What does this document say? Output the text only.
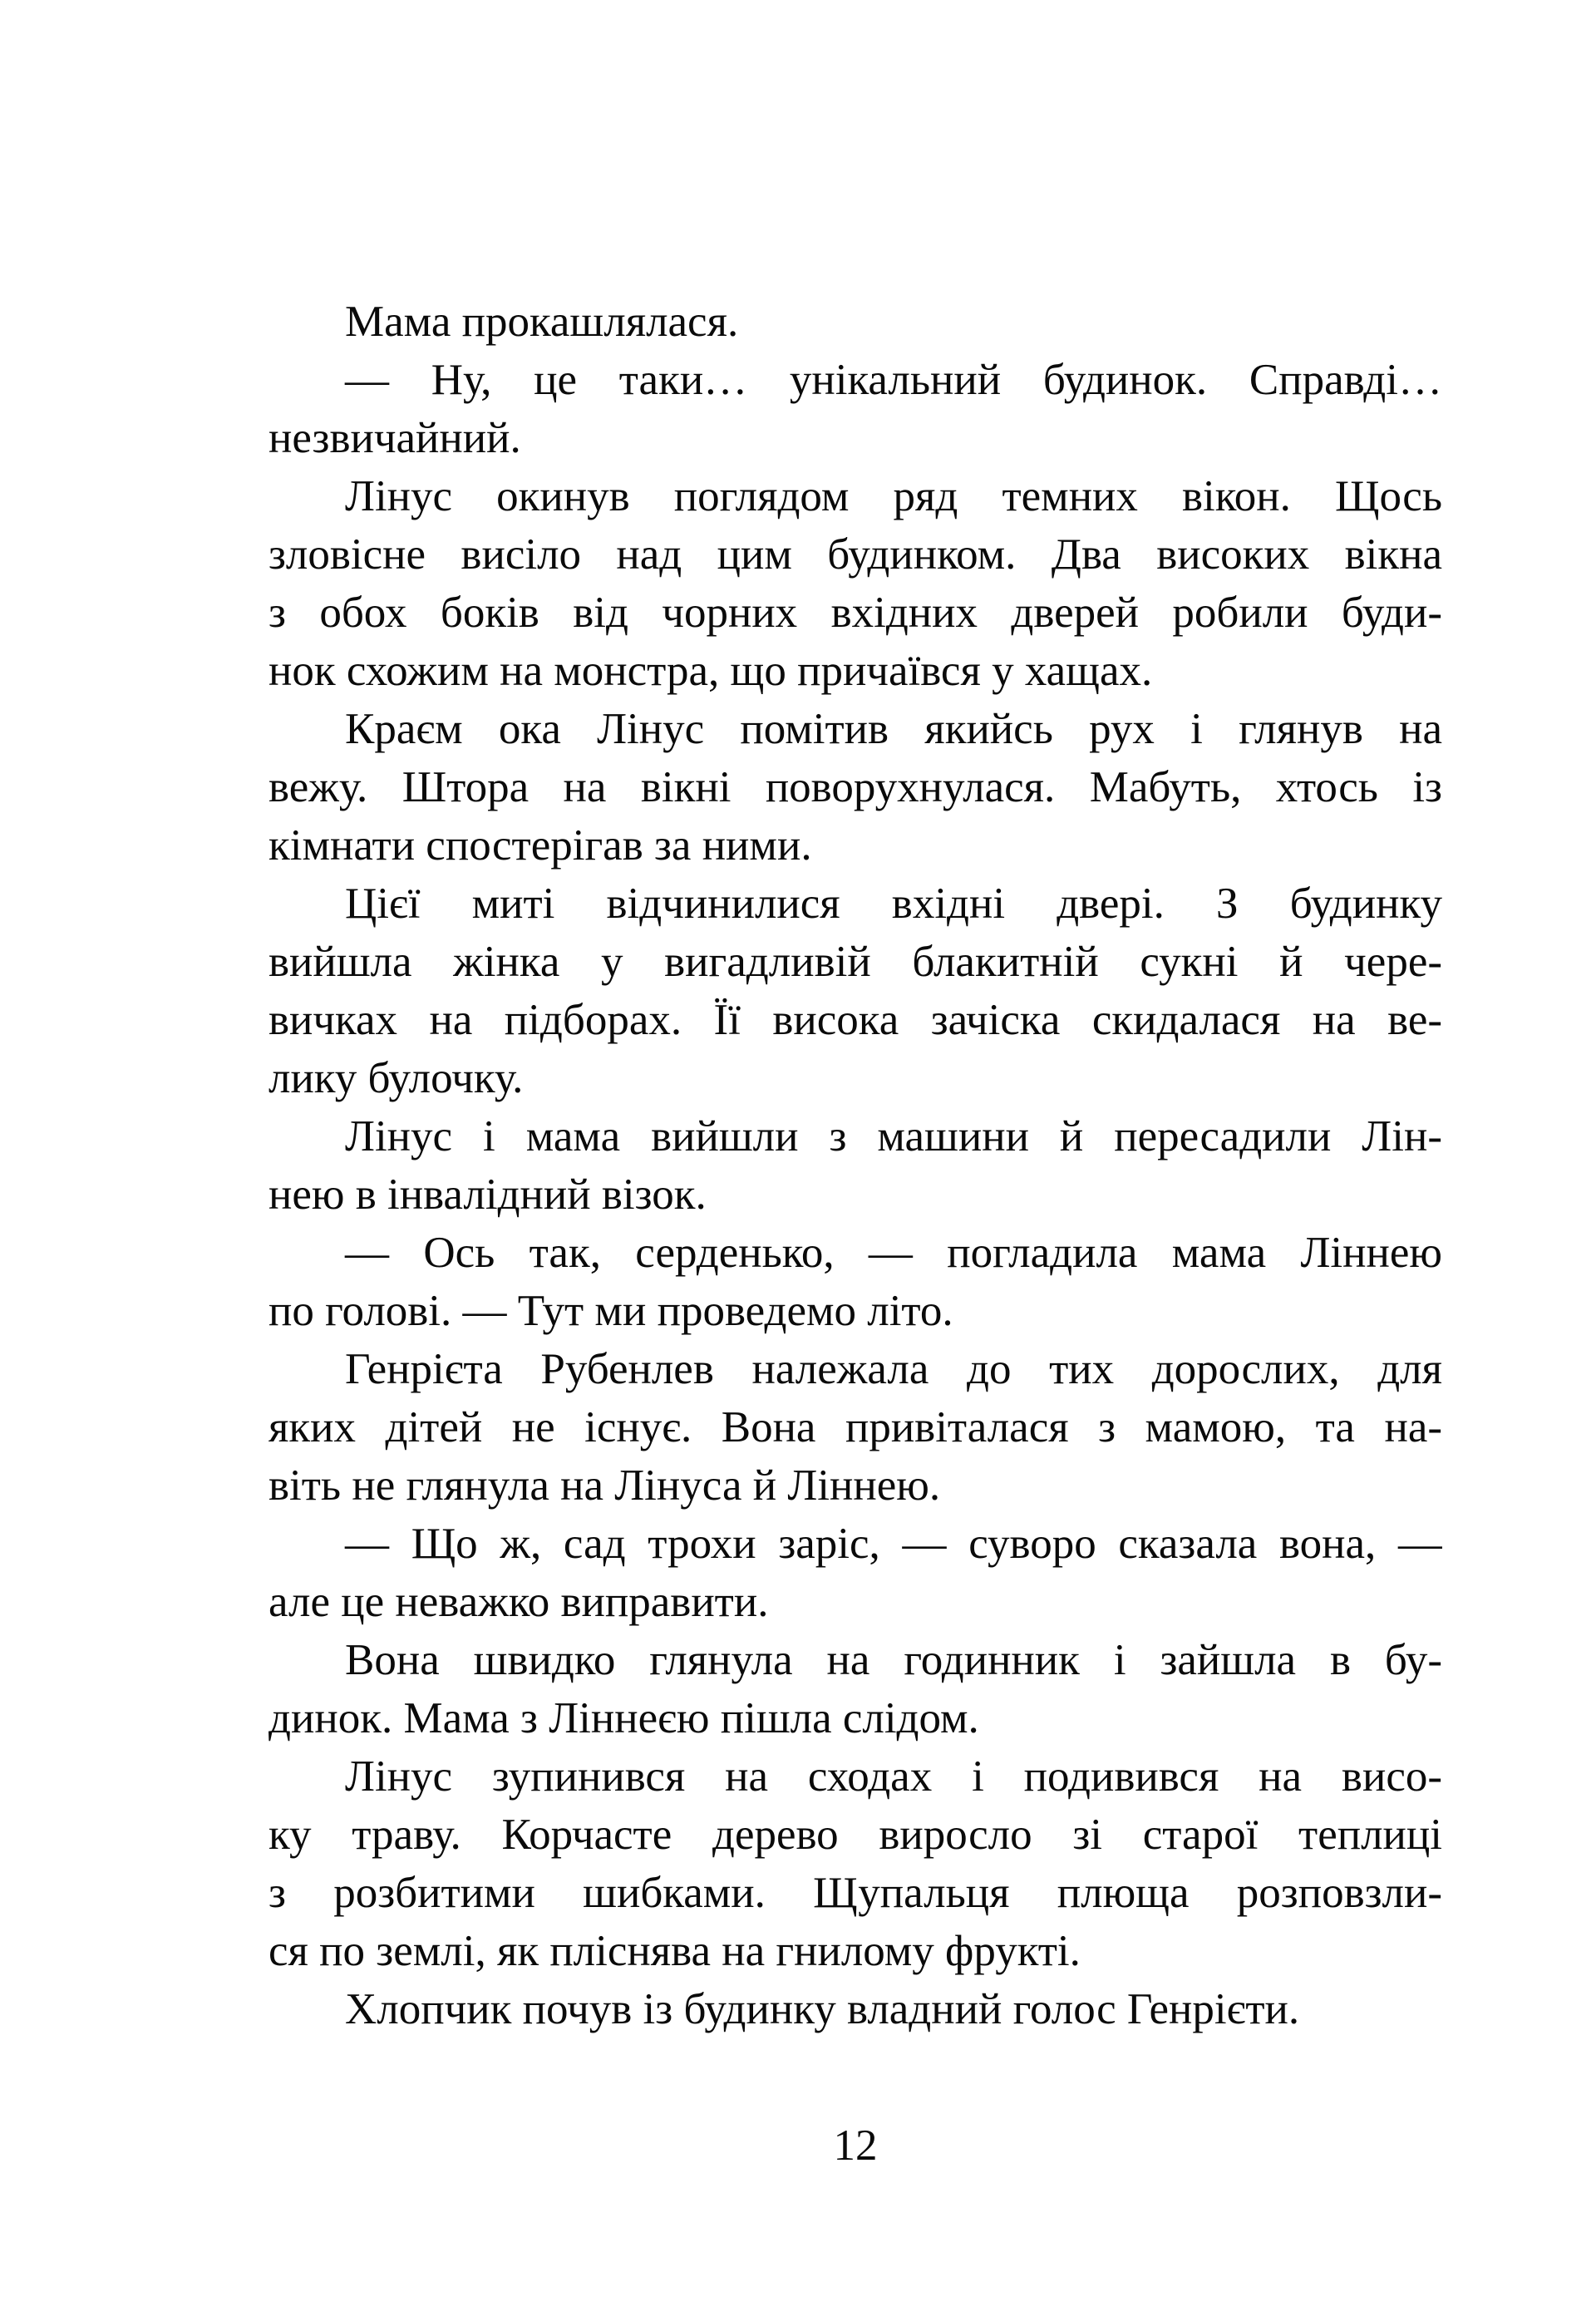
Мама прокашлялася.
— Ну, це таки… унікальний будинок. Справді…
незвичайний.
Лінус окинув поглядом ряд темних вікон. Щось
зловісне висіло над цим будинком. Два високих вікна
з обох боків від чорних вхідних дверей робили буди-
нок схожим на монстра, що причаївся у хащах.
Краєм ока Лінус помітив якийсь рух і глянув на
вежу. Штора на вікні поворухнулася. Мабуть, хтось із
кімнати спостерігав за ними.
Цієї миті відчинилися вхідні двері. З будинку
вийшла жінка у вигадливій блакитній сукні й чере-
вичках на підборах. Її висока зачіска скидалася на ве-
лику булочку.
Лінус і мама вийшли з машини й пересадили Лін-
нею в інвалідний візок.
— Ось так, серденько, — погладила мама Ліннею
по голові. — Тут ми проведемо літо.
Генрієта Рубенлев належала до тих дорослих, для
яких дітей не існує. Вона привіталася з мамою, та на-
віть не глянула на Лінуса й Ліннею.
— Що ж, сад трохи заріс, — суворо сказала вона, —
але це неважко виправити.
Вона швидко глянула на годинник і зайшла в бу-
динок. Мама з Ліннеєю пішла слідом.
Лінус зупинився на сходах і подивився на висо-
ку траву. Корчасте дерево виросло зі старої теплиці
з розбитими шибками. Щупальця плюща розповзли-
ся по землі, як пліснява на гнилому фрукті.
Хлопчик почув із будинку владний голос Генрієти.
12
